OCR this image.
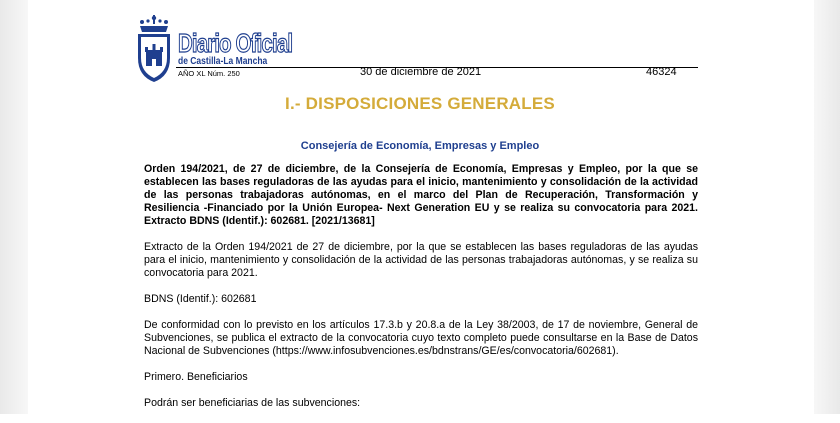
Diario Oficial
de Castilla-La Mancha
AÑO XL Núm. 250	30 de diciembre de 2021	46324
I.- DISPOSICIONES GENERALES
Consejería de Economía, Empresas y Empleo

Orden 194/2021, de 27 de diciembre, de la Consejería de Economía, Empresas y Empleo, por la que se establecen las bases reguladoras de las ayudas para el inicio, mantenimiento y consolidación de la actividad de las personas trabajadoras autónomas, en el marco del Plan de Recuperación, Transformación y Resiliencia -Financiado por la Unión Europea- Next Generation EU y se realiza su convocatoria para 2021. Extracto BDNS (Identif.): 602681. [2021/13681]

Extracto de la Orden 194/2021 de 27 de diciembre, por la que se establecen las bases reguladoras de las ayudas para el inicio, mantenimiento y consolidación de la actividad de las personas trabajadoras autónomas, y se realiza su convocatoria para 2021.

BDNS (Identif.): 602681

De conformidad con lo previsto en los artículos 17.3.b y 20.8.a de la Ley 38/2003, de 17 de noviembre, General de Subvenciones, se publica el extracto de la convocatoria cuyo texto completo puede consultarse en la Base de Datos Nacional de Subvenciones (https://www.infosubvenciones.es/bdnstrans/GE/es/convocatoria/602681).

Primero. Beneficiarios

Podrán ser beneficiarias de las subvenciones:
